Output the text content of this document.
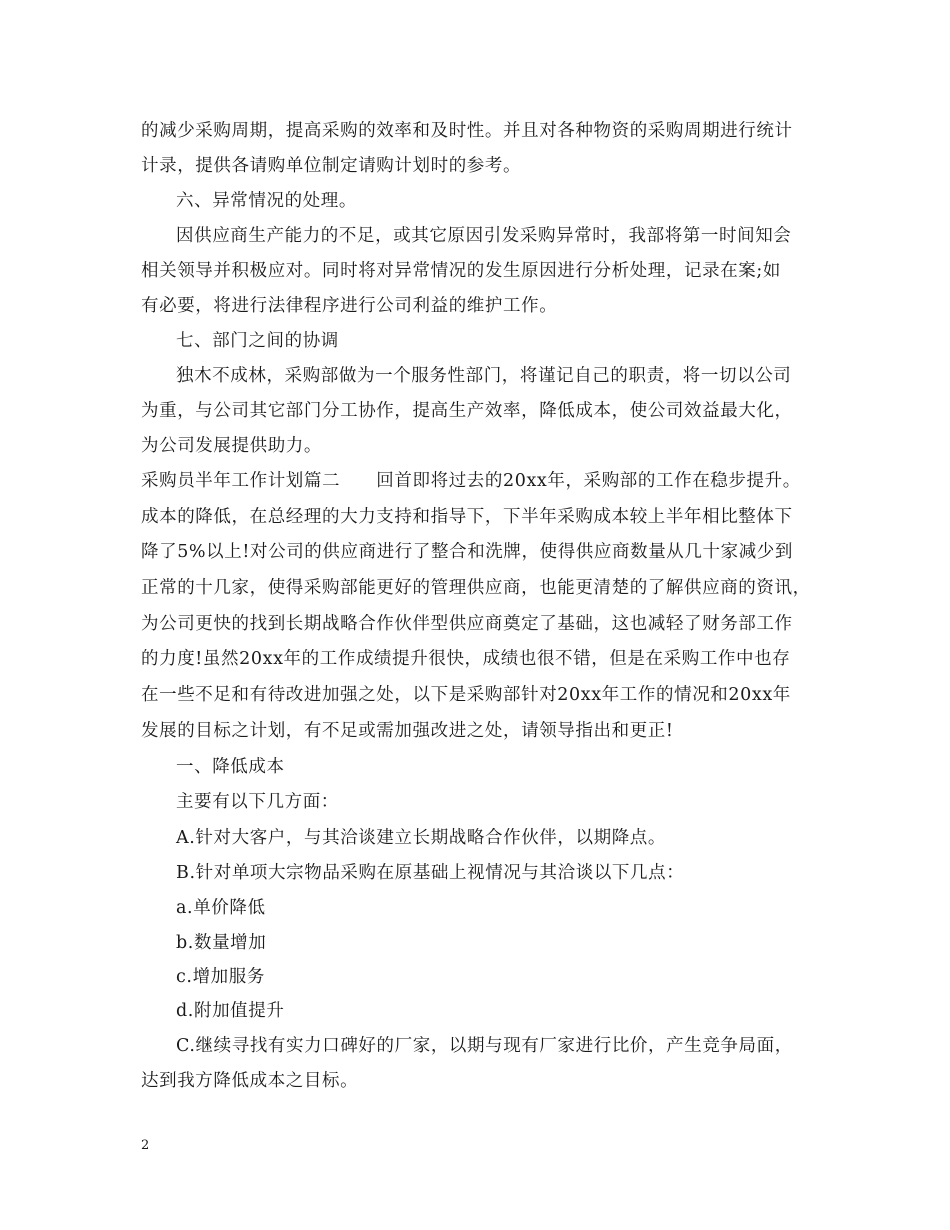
的减少采购周期，提高采购的效率和及时性。并且对各种物资的采购周期进行统计
计录，提供各请购单位制定请购计划时的参考。
六、异常情况的处理。
因供应商生产能力的不足，或其它原因引发采购异常时，我部将第一时间知会
相关领导并积极应对。同时将对异常情况的发生原因进行分析处理，记录在案;如
有必要，将进行法律程序进行公司利益的维护工作。
七、部门之间的协调
独木不成林，采购部做为一个服务性部门，将谨记自己的职责，将一切以公司
为重，与公司其它部门分工协作，提高生产效率，降低成本，使公司效益最大化，
为公司发展提供助力。
采购员半年工作计划篇二　　回首即将过去的20xx年，采购部的工作在稳步提升。
成本的降低，在总经理的大力支持和指导下，下半年采购成本较上半年相比整体下
降了5%以上!对公司的供应商进行了整合和洗牌，使得供应商数量从几十家减少到
正常的十几家，使得采购部能更好的管理供应商，也能更清楚的了解供应商的资讯，
为公司更快的找到长期战略合作伙伴型供应商奠定了基础，这也减轻了财务部工作
的力度!虽然20xx年的工作成绩提升很快，成绩也很不错，但是在采购工作中也存
在一些不足和有待改进加强之处，以下是采购部针对20xx年工作的情况和20xx年
发展的目标之计划，有不足或需加强改进之处，请领导指出和更正!
一、降低成本
主要有以下几方面：
A.针对大客户，与其洽谈建立长期战略合作伙伴，以期降点。
B.针对单项大宗物品采购在原基础上视情况与其洽谈以下几点：
a.单价降低
b.数量增加
c.增加服务
d.附加值提升
C.继续寻找有实力口碑好的厂家，以期与现有厂家进行比价，产生竞争局面，
达到我方降低成本之目标。
2
